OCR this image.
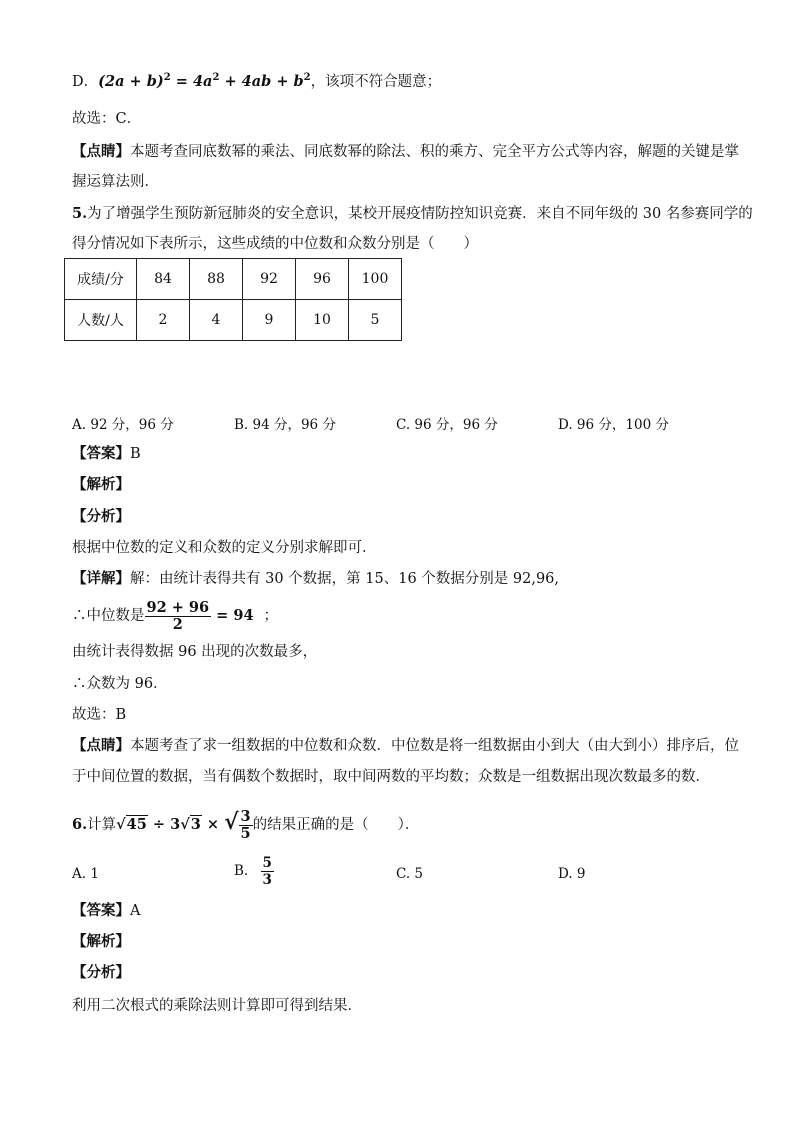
D．$(2a + b)^2 = 4a^2 + 4ab + b^2$，该项不符合题意；
故选：C．
【点睛】本题考查同底数幂的乘法、同底数幂的除法、积的乘方、完全平方公式等内容，解题的关键是掌
握运算法则．
5.为了增强学生预防新冠肺炎的安全意识，某校开展疫情防控知识竞赛．来自不同年级的 30 名参赛同学的
得分情况如下表所示，这些成绩的中位数和众数分别是（　　）
成绩/分	84	88	92	96	100
人数/人	2	4	9	10	5
A. 92 分，96 分	B. 94 分，96 分	C. 96 分，96 分	D. 96 分，100 分
【答案】B
【解析】
【分析】
根据中位数的定义和众数的定义分别求解即可．
【详解】解：由统计表得共有 30 个数据，第 15、16 个数据分别是 92,96,
∴中位数是 $\frac{92 + 96}{2} = 94$ ；
由统计表得数据 96 出现的次数最多，
∴众数为 96．
故选：B
【点睛】本题考查了求一组数据的中位数和众数．中位数是将一组数据由小到大（由大到小）排序后，位
于中间位置的数据，当有偶数个数据时，取中间两数的平均数；众数是一组数据出现次数最多的数．
6.计算√45 ÷ 3√3 × √ $\frac{3}{5}$ 的结果正确的是（　　）．
A. 1	B. $\frac{5}{3}$	C. 5	D. 9
【答案】A
【解析】
【分析】
利用二次根式的乘除法则计算即可得到结果．
